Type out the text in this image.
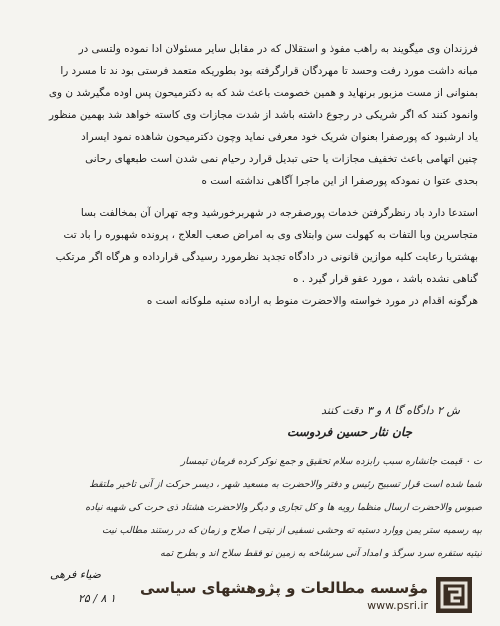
فرزندان وی میگویند به راهب مفوذ و استقلال که در مقابل سایر مسئولان ادا نموده ولتسی در
مبانه داشت مورد رفت وحسد تا مهردگان قرارگرفته بود بطوریکه متعمد فرستی بود ند تا مسرد را
بمنوانی از مست مزبور برنهاید و همین خصومت باعث شد که به دکترمیحون پس اوده مگیرشد ن وی
وانمود کنند که اگر شریکی در رجوع داشته باشد از شدت مجازات وی کاسته خواهد شد بهمین منظور
یاد ارشبود که پورصفرا بعنوان شریک خود معرفی نماید وچون دکترمیحون شاهده نمود ایسراد
چنین اتهامی باعث تخفیف مجازات یا حتی تبدیل قرارد رحیام نمی شدن است طبعهای رحانی
بحدی عتوا ن نمودکه پورصفرا از این ماجرا آگاهی نداشته است ه
استدعا دارد باد رنظرگرفتن خدمات پورصفرجه در شهربرخورشید وجه تهران آن بمخالفت بسا
متجاسرین وبا التفات به کهولت سن وابتلای وی به امراض صعب العلاج ، پرونده شهبوره را باد تت
بهشتریا رعایت کلیه موازین قانونی در دادگاه تجدید نظرمورد رسیدگی قرارداده و هرگاه اگر مرتکب
گناهی نشده باشد ، مورد عفو قرار گیرد . ه
هرگونه اقدام در مورد خواسته والاحضرت منوط به اراده سنیه ملوکانه است ه
ش ۲ دادگاه گا ۸ و ۳ دقت کنند
جان نثار حسین فردوست
ت ۰ قیمت جانشاره سبب رابزده سلام تحقیق و جمع نوکر کرده فرمان تیمسار
شما شده است قرار تسبیح رئیس و دفتر والاحضرت به مسعید شهر ، دیسر حرکت از آنی تاخیر ملتقط
صبوس والاحضرت ارسال منظما رویه ها و کل تجاری و دیگر والاحضرت هشتاد ذی حرت کی شهیه نیاده
بپه رسمیه ستر یمن ووارد دستیه ته وحشی نسفیی از نیتی ا صلاح و زمان که در رستند مطالب نیت
نیتیه ستفره سرد سرگذ و امداد آنی سرشاخه به زمین نو فقط سلاح اند و بطرح تمه
ضیاء فرهی
۲۵ / ۸ ۱
مؤسسه مطالعات و پژوهشهای سیاسی
www.psri.ir
